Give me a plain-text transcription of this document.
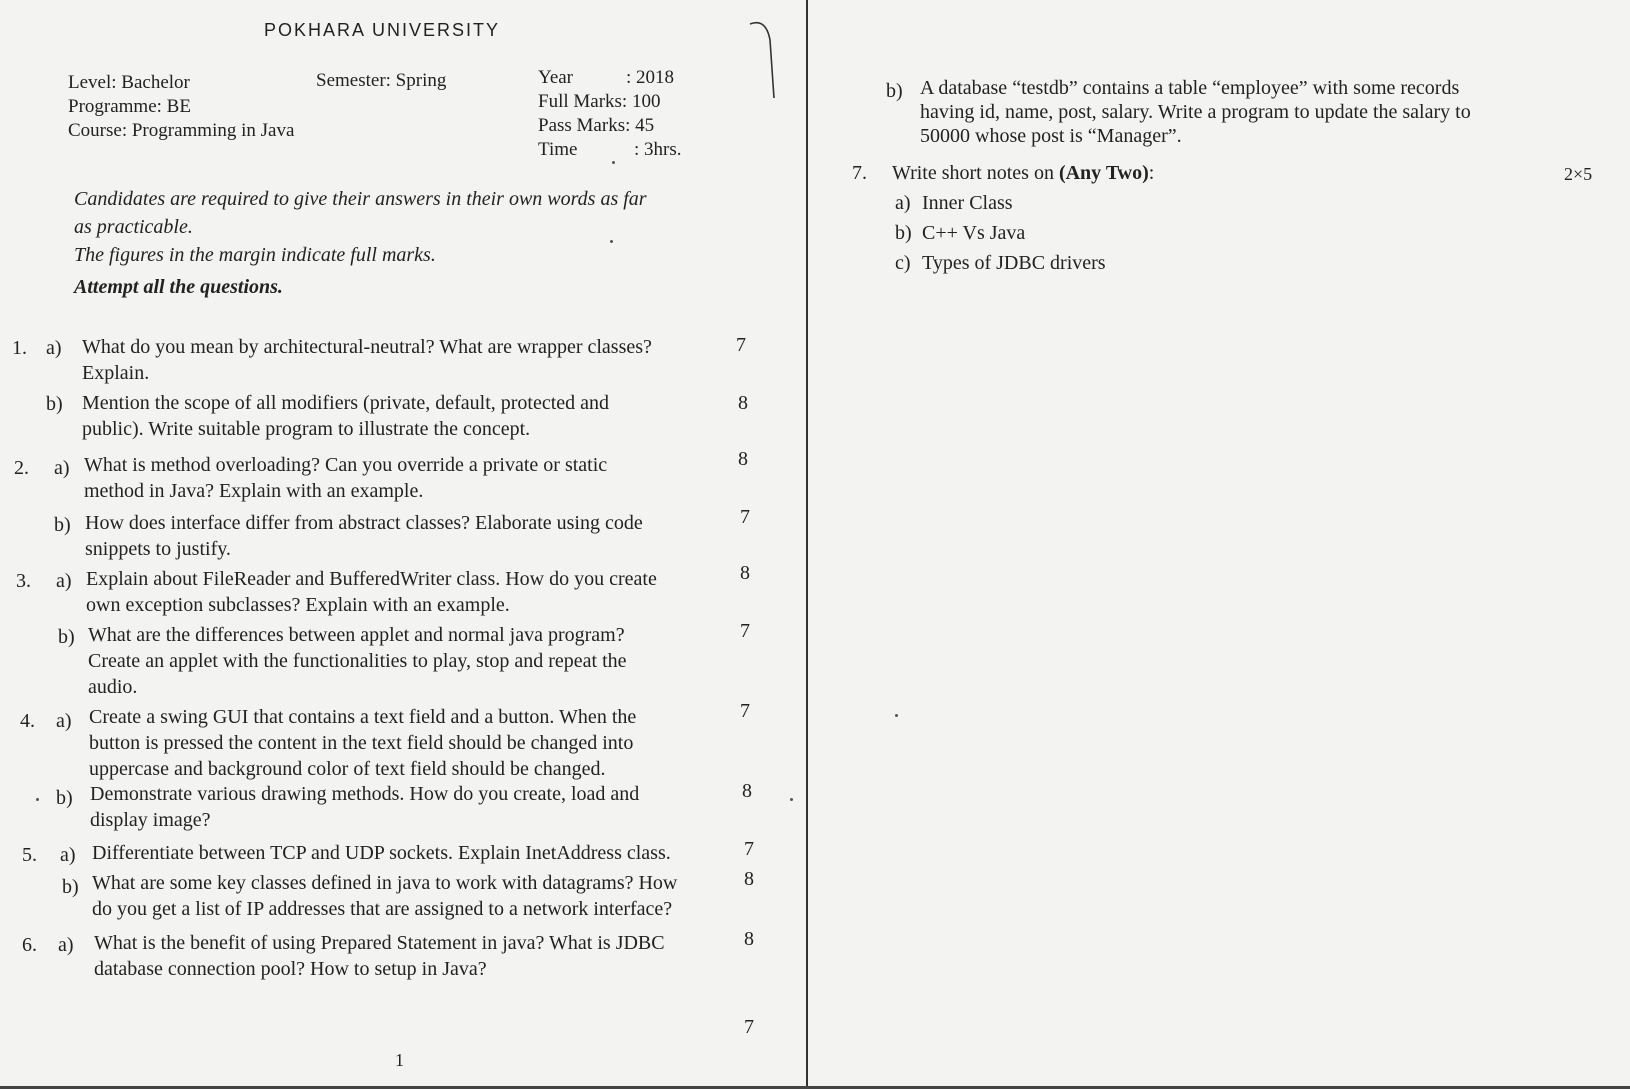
POKHARA UNIVERSITY
Level: Bachelor	Semester: Spring
Programme: BE
Course: Programming in Java
Year	: 2018
Full Marks: 100
Pass Marks: 45
Time	: 3hrs.
Candidates are required to give their answers in their own words as far
as practicable.
The figures in the margin indicate full marks.
Attempt all the questions.
1. a) What do you mean by architectural-neutral? What are wrapper classes?
Explain.
7
b) Mention the scope of all modifiers (private, default, protected and
public). Write suitable program to illustrate the concept.
8
2. a) What is method overloading? Can you override a private or static
method in Java? Explain with an example.
8
b) How does interface differ from abstract classes? Elaborate using code
snippets to justify.
7
3. a) Explain about FileReader and BufferedWriter class. How do you create
own exception subclasses? Explain with an example.
8
b) What are the differences between applet and normal java program?
Create an applet with the functionalities to play, stop and repeat the
audio.
7
4. a) Create a swing GUI that contains a text field and a button. When the
button is pressed the content in the text field should be changed into
uppercase and background color of text field should be changed.
7
b) Demonstrate various drawing methods. How do you create, load and
display image?
8
5. a) Differentiate between TCP and UDP sockets. Explain InetAddress class.	7
b) What are some key classes defined in java to work with datagrams? How
do you get a list of IP addresses that are assigned to a network interface?
8
6. a) What is the benefit of using Prepared Statement in java? What is JDBC
database connection pool? How to setup in Java?
8
7
1
b) A database “testdb” contains a table “employee” with some records
having id, name, post, salary. Write a program to update the salary to
50000 whose post is “Manager”.
7. Write short notes on (Any Two):	2×5
a) Inner Class
b) C++ Vs Java
c) Types of JDBC drivers
